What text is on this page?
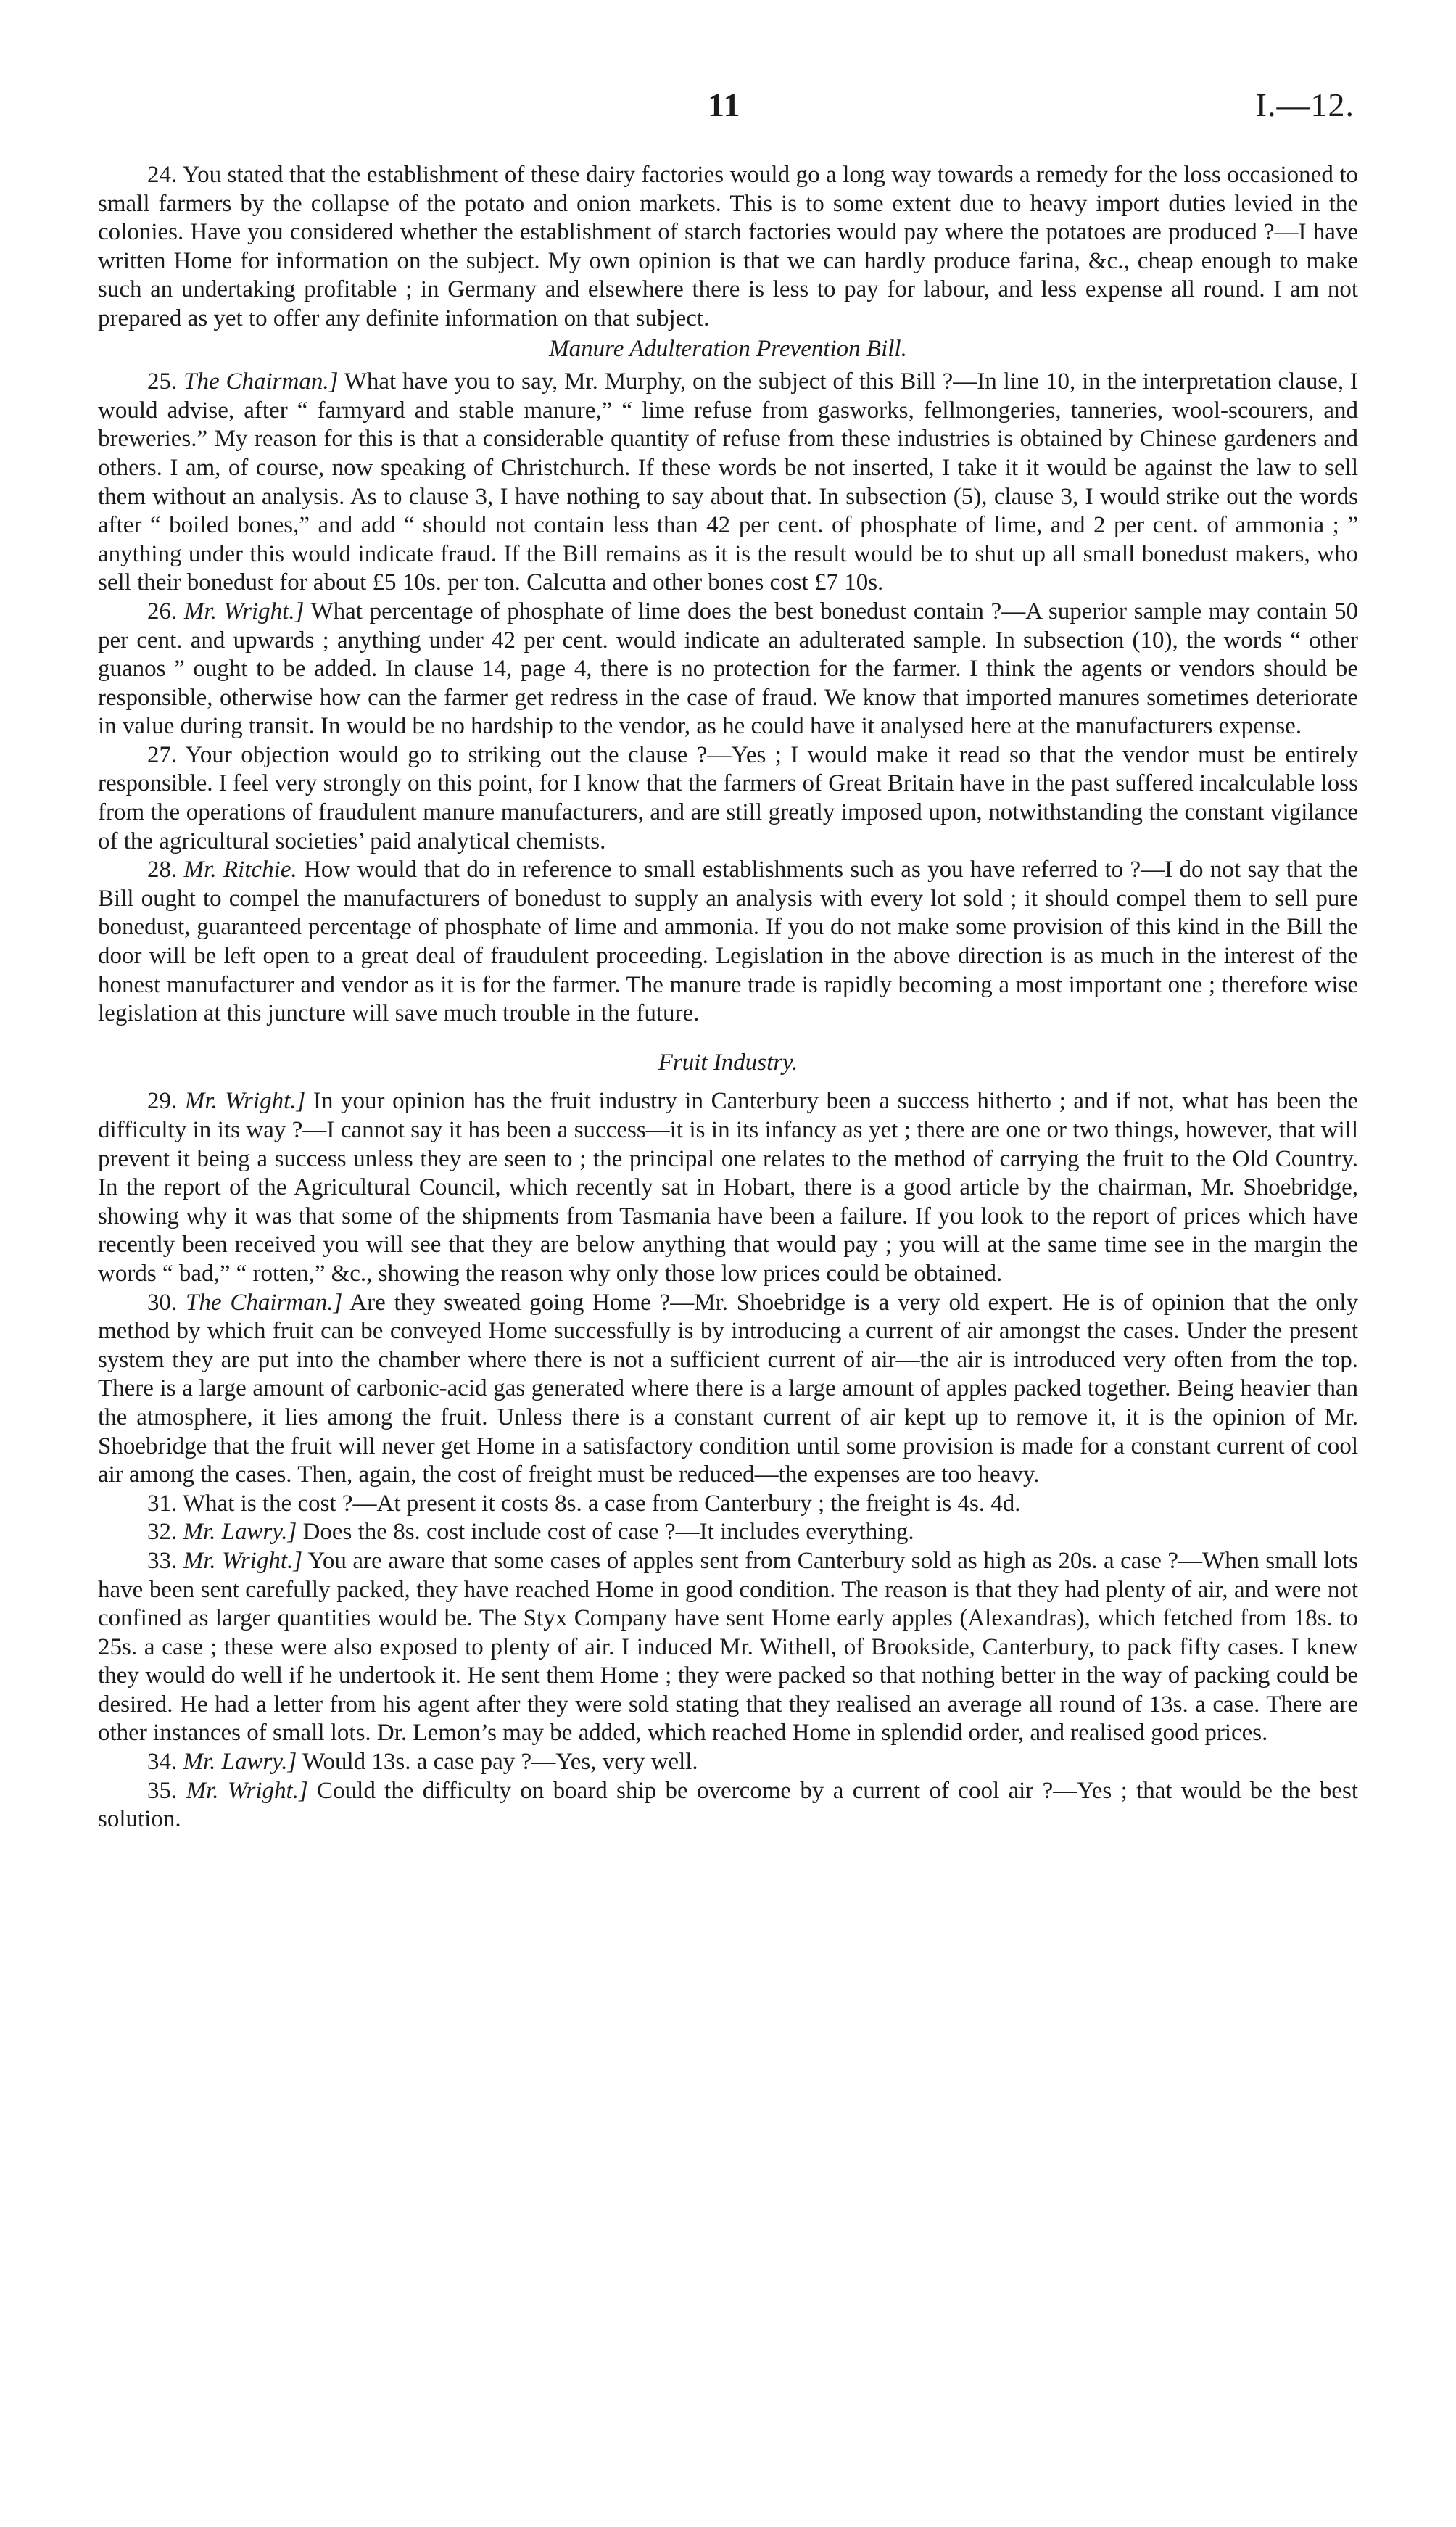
11	I.—12.

24. You stated that the establishment of these dairy factories would go a long way towards a remedy for the loss occasioned to small farmers by the collapse of the potato and onion markets. This is to some extent due to heavy import duties levied in the colonies. Have you considered whether the establishment of starch factories would pay where the potatoes are produced ?—I have written Home for information on the subject. My own opinion is that we can hardly produce farina, &c., cheap enough to make such an undertaking profitable ; in Germany and elsewhere there is less to pay for labour, and less expense all round. I am not prepared as yet to offer any definite information on that subject.

Manure Adulteration Prevention Bill.

25. The Chairman.] What have you to say, Mr. Murphy, on the subject of this Bill ?—In line 10, in the interpretation clause, I would advise, after “ farmyard and stable manure,” “ lime refuse from gasworks, fellmongeries, tanneries, wool-scourers, and breweries.” My reason for this is that a considerable quantity of refuse from these industries is obtained by Chinese gardeners and others. I am, of course, now speaking of Christchurch. If these words be not inserted, I take it it would be against the law to sell them without an analysis. As to clause 3, I have nothing to say about that. In subsection (5), clause 3, I would strike out the words after “ boiled bones,” and add “ should not contain less than 42 per cent. of phosphate of lime, and 2 per cent. of ammonia ; ” anything under this would indicate fraud. If the Bill remains as it is the result would be to shut up all small bonedust makers, who sell their bonedust for about £5 10s. per ton. Calcutta and other bones cost £7 10s.

26. Mr. Wright.] What percentage of phosphate of lime does the best bonedust contain ?—A superior sample may contain 50 per cent. and upwards ; anything under 42 per cent. would indicate an adulterated sample. In subsection (10), the words “ other guanos ” ought to be added. In clause 14, page 4, there is no protection for the farmer. I think the agents or vendors should be responsible, otherwise how can the farmer get redress in the case of fraud. We know that imported manures sometimes deteriorate in value during transit. In would be no hardship to the vendor, as he could have it analysed here at the manufacturers expense.

27. Your objection would go to striking out the clause ?—Yes ; I would make it read so that the vendor must be entirely responsible. I feel very strongly on this point, for I know that the farmers of Great Britain have in the past suffered incalculable loss from the operations of fraudulent manure manufacturers, and are still greatly imposed upon, notwithstanding the constant vigilance of the agricultural societies’ paid analytical chemists.

28. Mr. Ritchie. How would that do in reference to small establishments such as you have referred to ?—I do not say that the Bill ought to compel the manufacturers of bonedust to supply an analysis with every lot sold ; it should compel them to sell pure bonedust, guaranteed percentage of phosphate of lime and ammonia. If you do not make some provision of this kind in the Bill the door will be left open to a great deal of fraudulent proceeding. Legislation in the above direction is as much in the interest of the honest manufacturer and vendor as it is for the farmer. The manure trade is rapidly becoming a most important one ; therefore wise legislation at this juncture will save much trouble in the future.

Fruit Industry.

29. Mr. Wright.] In your opinion has the fruit industry in Canterbury been a success hitherto ; and if not, what has been the difficulty in its way ?—I cannot say it has been a success—it is in its infancy as yet ; there are one or two things, however, that will prevent it being a success unless they are seen to ; the principal one relates to the method of carrying the fruit to the Old Country. In the report of the Agricultural Council, which recently sat in Hobart, there is a good article by the chairman, Mr. Shoebridge, showing why it was that some of the shipments from Tasmania have been a failure. If you look to the report of prices which have recently been received you will see that they are below anything that would pay ; you will at the same time see in the margin the words “ bad,” “ rotten,” &c., showing the reason why only those low prices could be obtained.

30. The Chairman.] Are they sweated going Home ?—Mr. Shoebridge is a very old expert. He is of opinion that the only method by which fruit can be conveyed Home successfully is by introducing a current of air amongst the cases. Under the present system they are put into the chamber where there is not a sufficient current of air—the air is introduced very often from the top. There is a large amount of carbonic-acid gas generated where there is a large amount of apples packed together. Being heavier than the atmosphere, it lies among the fruit. Unless there is a constant current of air kept up to remove it, it is the opinion of Mr. Shoebridge that the fruit will never get Home in a satisfactory condition until some provision is made for a constant current of cool air among the cases. Then, again, the cost of freight must be reduced—the expenses are too heavy.

31. What is the cost ?—At present it costs 8s. a case from Canterbury ; the freight is 4s. 4d.

32. Mr. Lawry.] Does the 8s. cost include cost of case ?—It includes everything.

33. Mr. Wright.] You are aware that some cases of apples sent from Canterbury sold as high as 20s. a case ?—When small lots have been sent carefully packed, they have reached Home in good condition. The reason is that they had plenty of air, and were not confined as larger quantities would be. The Styx Company have sent Home early apples (Alexandras), which fetched from 18s. to 25s. a case ; these were also exposed to plenty of air. I induced Mr. Withell, of Brookside, Canterbury, to pack fifty cases. I knew they would do well if he undertook it. He sent them Home ; they were packed so that nothing better in the way of packing could be desired. He had a letter from his agent after they were sold stating that they realised an average all round of 13s. a case. There are other instances of small lots. Dr. Lemon’s may be added, which reached Home in splendid order, and realised good prices.

34. Mr. Lawry.] Would 13s. a case pay ?—Yes, very well.

35. Mr. Wright.] Could the difficulty on board ship be overcome by a current of cool air ?—Yes ; that would be the best solution.
